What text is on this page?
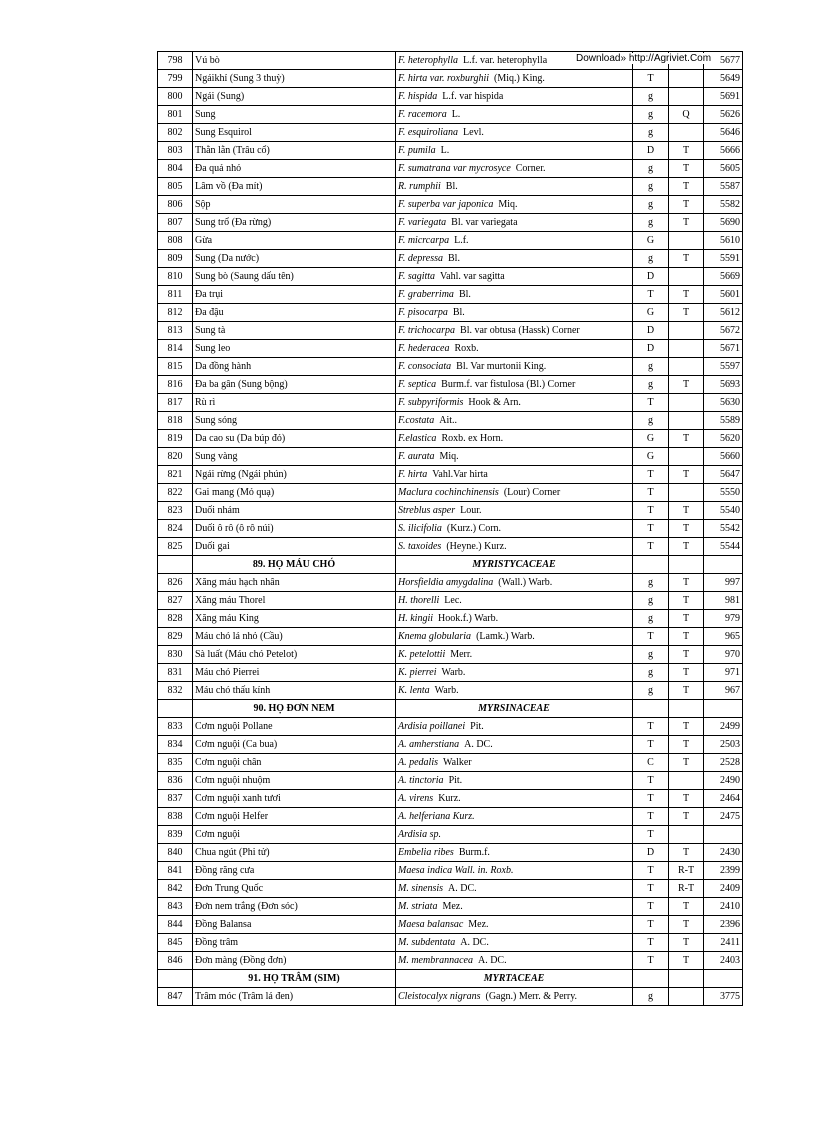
Download» http://Agriviet.Com
798	Vú bò	F. heterophylla L.f. var. heterophylla			5677
799	Ngáikhỉ (Sung 3 thuỳ)	F. hirta var. roxburghii (Miq.) King.	T		5649
800	Ngái (Sung)	F. hispida L.f. var hispida	g		5691
801	Sung	F. racemora L.	g	Q	5626
802	Sung Esquirol	F. esquiroliana Levl.	g		5646
803	Thằn lằn (Trâu cổ)	F. pumila L.	D	T	5666
804	Đa quả nhỏ	F. sumatrana var mycrosyce Corner.	g	T	5605
805	Lâm vồ (Đa mít)	R. rumphii Bl.	g	T	5587
806	Sộp	F. superba var japonica Miq.	g	T	5582
807	Sung trổ (Đa rừng)	F. variegata Bl. var variegata	g	T	5690
808	Gừa	F. micrcarpa L.f.	G		5610
809	Sung (Da nước)	F. depressa Bl.	g	T	5591
810	Sung bò (Saung dấu tên)	F. sagitta Vahl. var sagitta	D		5669
811	Đa trụi	F. graberrima Bl.	T	T	5601
812	Đa đậu	F. pisocarpa Bl.	G	T	5612
813	Sung tà	F. trichocarpa Bl. var obtusa (Hassk) Corner	D		5672
814	Sung leo	F. hederacea Roxb.	D		5671
815	Da đồng hành	F. consociata Bl. Var murtonii King.	g		5597
816	Đa ba gân (Sung bộng)	F. septica Burm.f. var fistulosa (Bl.) Corner	g	T	5693
817	Rù rì	F. subpyriformis Hook & Arn.	T		5630
818	Sung sóng	F.costata Ait..	g		5589
819	Da cao su (Da búp đỏ)	F.elastica Roxb. ex Horn.	G	T	5620
820	Sung vàng	F. aurata Miq.	G		5660
821	Ngái rừng (Ngái phún)	F. hirta Vahl.Var hirta	T	T	5647
822	Gai mang (Mỏ quạ)	Maclura cochinchinensis (Lour) Corner	T		5550
823	Duối nhám	Streblus asper Lour.	T	T	5540
824	Duối ô rô (ô rô núi)	S. ilicifolia (Kurz.) Corn.	T	T	5542
825	Duối gai	S. taxoides (Heyne.) Kurz.	T	T	5544
	89. HỌ MÁU CHÓ	MYRISTYCACEAE			
826	Xăng máu hạch nhân	Horsfieldia amygdalina (Wall.) Warb.	g	T	997
827	Xăng máu Thorel	H. thorelli Lec.	g	T	981
828	Xăng máu King	H. kingii Hook.f.) Warb.	g	T	979
829	Máu chó lá nhỏ (Cầu)	Knema globularia (Lamk.) Warb.	T	T	965
830	Sà luất (Máu chó Petelot)	K. petelottii Merr.	g	T	970
831	Máu chó Pierrei	K. pierrei Warb.	g	T	971
832	Máu chó thấu kính	K. lenta Warb.	g	T	967
	90. HỌ ĐƠN NEM	MYRSINACEAE			
833	Cơm nguội Pollane	Ardisia poillanei Pit.	T	T	2499
834	Cơm nguội (Ca bua)	A. amherstiana A. DC.	T	T	2503
835	Cơm nguội chân	A. pedalis Walker	C	T	2528
836	Cơm nguội nhuộm	A. tinctoria Pit.	T		2490
837	Cơm nguội xanh tươi	A. virens Kurz.	T	T	2464
838	Cơm nguội Helfer	A. helferiana Kurz.	T	T	2475
839	Cơm nguội	Ardisia sp.	T		
840	Chua ngút (Phi tử)	Embelia ribes Burm.f.	D	T	2430
841	Đồng răng cưa	Maesa indica Wall. in. Roxb.	T	R-T	2399
842	Đơn Trung Quốc	M. sinensis A. DC.	T	R-T	2409
843	Đơn nem trắng (Đơn sóc)	M. striata Mez.	T	T	2410
844	Đồng Balansa	Maesa balansac Mez.	T	T	2396
845	Đồng trâm	M. subdentata A. DC.	T	T	2411
846	Đơn màng (Đồng đơn)	M. membrannacea A. DC.	T	T	2403
	91. HỌ TRÂM (SIM)	MYRTACEAE			
847	Trâm móc (Trâm lá đen)	Cleistocalyx nigrans (Gagn.) Merr. & Perry.	g		3775
